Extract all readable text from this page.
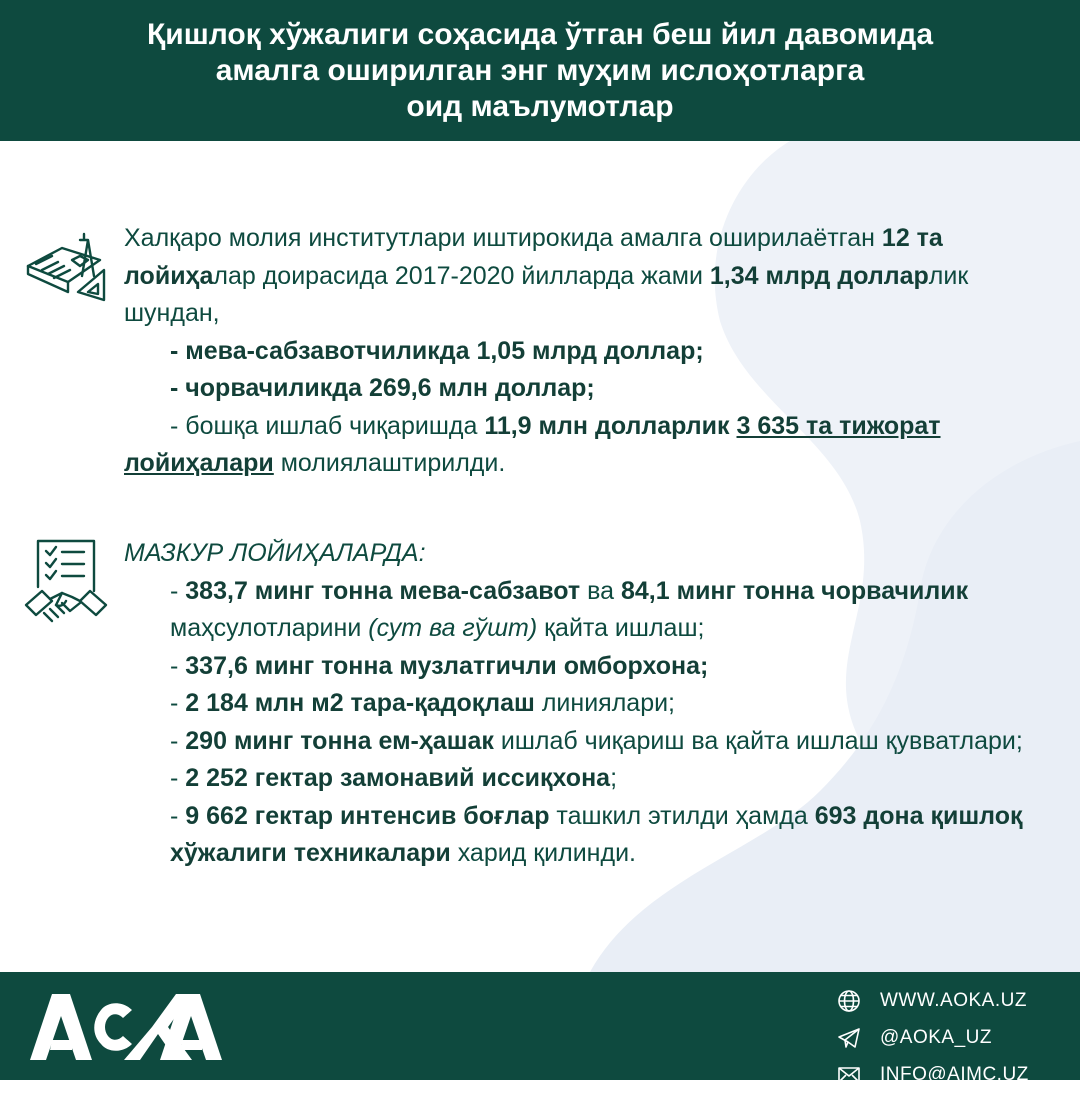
Қишлоқ хўжалиги соҳасида ўтган беш йил давомида
амалга оширилган энг муҳим ислоҳотларга
оид маълумотлар

Халқаро молия институтлари иштирокида амалга оширилаётган 12 та лойиҳалар доирасида 2017-2020 йилларда жами 1,34 млрд долларлик шундан,

- мева-сабзавотчиликда 1,05 млрд доллар;

- чорвачиликда 269,6 млн доллар;

- бошқа ишлаб чиқаришда 11,9 млн долларлик 3 635 та тижорат лойиҳалари молиялаштирилди.

МАЗКУР ЛОЙИҲАЛАРДА:

- 383,7 минг тонна мева-сабзавот ва 84,1 минг тонна чорвачилик маҳсулотларини (сут ва гўшт) қайта ишлаш;

- 337,6 минг тонна музлатгичли омборхона;

- 2 184 млн м2 тара-қадоқлаш линиялари;

- 290 минг тонна ем-ҳашак ишлаб чиқариш ва қайта ишлаш қувватлари;

- 2 252 гектар замонавий иссиқхона;

- 9 662 гектар интенсив боғлар ташкил этилди ҳамда 693 дона қишлоқ хўжалиги техникалари харид қилинди.

WWW.AOKA.UZ
@AOKA_UZ
INFO@AIMC.UZ
